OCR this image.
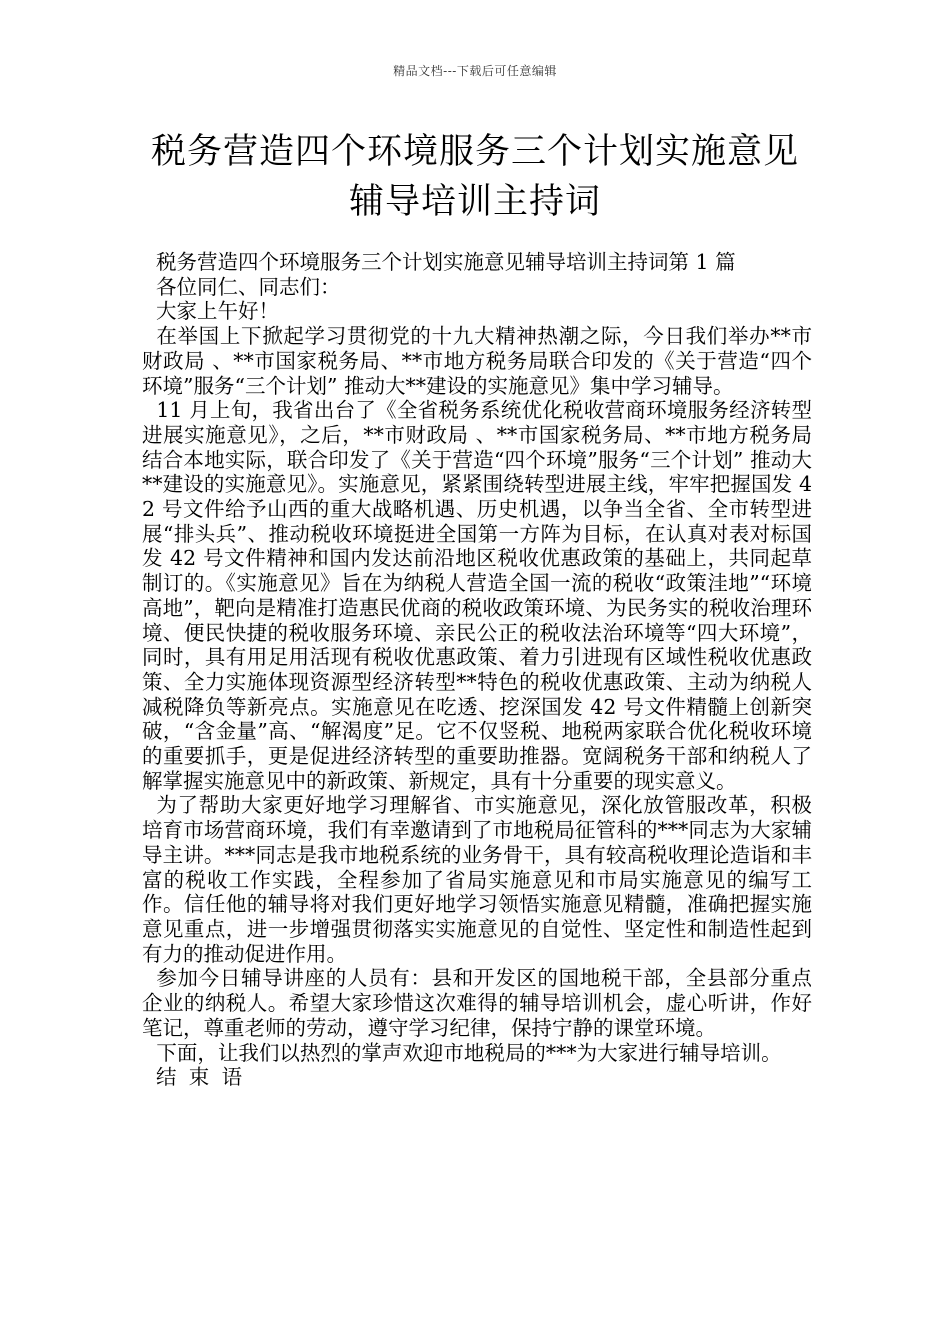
精品文档---下载后可任意编辑
税务营造四个环境服务三个计划实施意见
辅导培训主持词

税务营造四个环境服务三个计划实施意见辅导培训主持词第 1 篇

各位同仁、同志们：

大家上午好！

在举国上下掀起学习贯彻党的十九大精神热潮之际，今日我们举办**市财政局 、**市国家税务局、**市地方税务局联合印发的《关于营造“四个环境”服务“三个计划” 推动大**建设的实施意见》集中学习辅导。

11 月上旬，我省出台了《全省税务系统优化税收营商环境服务经济转型进展实施意见》，之后，**市财政局 、**市国家税务局、**市地方税务局结合本地实际，联合印发了《关于营造“四个环境”服务“三个计划” 推动大**建设的实施意见》。实施意见，紧紧围绕转型进展主线，牢牢把握国发 42 号文件给予山西的重大战略机遇、历史机遇，以争当全省、全市转型进展“排头兵”、推动税收环境挺进全国第一方阵为目标，在认真对表对标国发 42 号文件精神和国内发达前沿地区税收优惠政策的基础上，共同起草制订的。《实施意见》旨在为纳税人营造全国一流的税收“政策洼地”“环境高地”，靶向是精准打造惠民优商的税收政策环境、为民务实的税收治理环境、便民快捷的税收服务环境、亲民公正的税收法治环境等“四大环境”，同时，具有用足用活现有税收优惠政策、着力引进现有区域性税收优惠政策、全力实施体现资源型经济转型**特色的税收优惠政策、主动为纳税人减税降负等新亮点。实施意见在吃透、挖深国发 42 号文件精髓上创新突破，“含金量”高、“解渴度”足。它不仅竖税、地税两家联合优化税收环境的重要抓手，更是促进经济转型的重要助推器。宽阔税务干部和纳税人了解掌握实施意见中的新政策、新规定，具有十分重要的现实意义。

为了帮助大家更好地学习理解省、市实施意见，深化放管服改革，积极培育市场营商环境，我们有幸邀请到了市地税局征管科的***同志为大家辅导主讲。***同志是我市地税系统的业务骨干，具有较高税收理论造诣和丰富的税收工作实践，全程参加了省局实施意见和市局实施意见的编写工作。信任他的辅导将对我们更好地学习领悟实施意见精髓，准确把握实施意见重点，进一步增强贯彻落实实施意见的自觉性、坚定性和制造性起到有力的推动促进作用。

参加今日辅导讲座的人员有：县和开发区的国地税干部，全县部分重点企业的纳税人。希望大家珍惜这次难得的辅导培训机会，虚心听讲，作好笔记，尊重老师的劳动，遵守学习纪律，保持宁静的课堂环境。

下面，让我们以热烈的掌声欢迎市地税局的***为大家进行辅导培训。

结束语
